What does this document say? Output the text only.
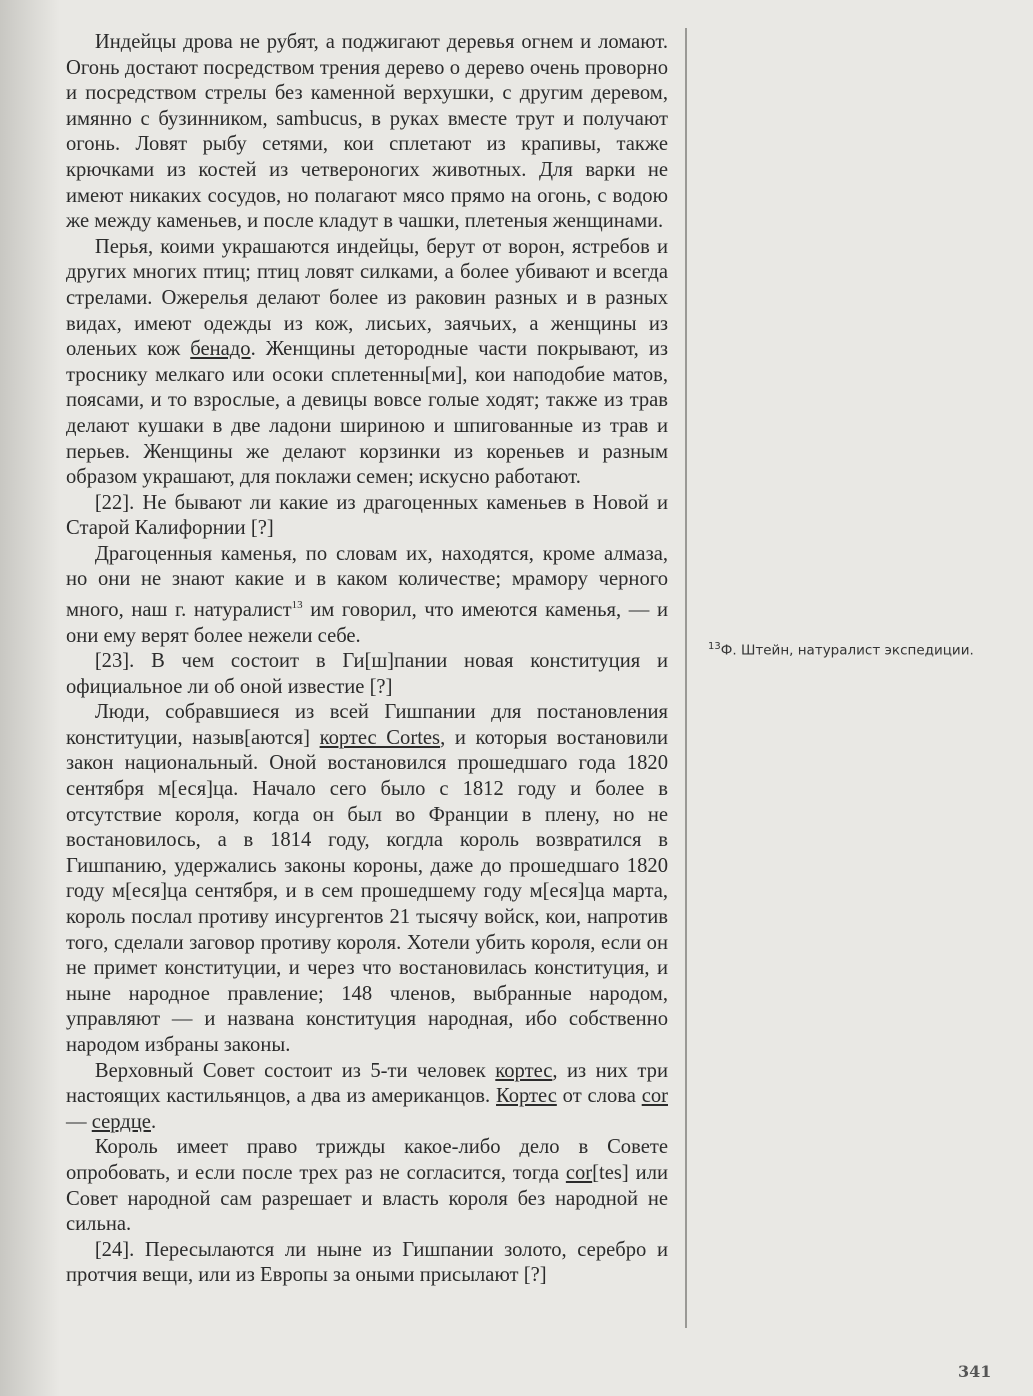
Индейцы дрова не рубят, а поджигают деревья огнем и ломают. Огонь достают посредством трения дерево о дерево очень проворно и посредством стрелы без каменной верхушки, с другим деревом, имянно с бузинником, sambucus, в руках вместе трут и получают огонь. Ловят рыбу сетями, кои сплетают из крапивы, также крючками из костей из четвероногих животных. Для варки не имеют никаких сосудов, но полагают мясо прямо на огонь, с водою же между каменьев, и после кладут в чашки, плетеныя женщинами.

Перья, коими украшаются индейцы, берут от ворон, ястребов и других многих птиц; птиц ловят силками, а более убивают и всегда стрелами. Ожерелья делают более из раковин разных и в разных видах, имеют одежды из кож, лисьих, заячьих, а женщины из оленьих кож бенадо. Женщины детородные части покрывают, из троснику мелкаго или осоки сплетенны[ми], кои наподобие матов, поясами, и то взрослые, а девицы вовсе голые ходят; также из трав делают кушаки в две ладони шириною и шпигованные из трав и перьев. Женщины же делают корзинки из кореньев и разным образом украшают, для поклажи семен; искусно работают.

[22]. Не бывают ли какие из драгоценных каменьев в Новой и Старой Калифорнии [?]

Драгоценныя каменья, по словам их, находятся, кроме алмаза, но они не знают какие и в каком количестве; мрамору черного много, наш г. натуралист$^{13}$ им говорил, что имеются каменья, — и они ему верят более нежели себе.

[23]. В чем состоит в Ги[ш]пании новая конституция и официальное ли об оной известие [?]

Люди, собравшиеся из всей Гишпании для постановления конституции, назыв[аются] кортес Cortes, и которыя востановили закон национальный. Оной востановился прошедшаго года 1820 сентября м[еся]ца. Начало сего было с 1812 году и более в отсутствие короля, когда он был во Франции в плену, но не востановилось, а в 1814 году, когдла король возвратился в Гишпанию, удержались законы короны, даже до прошедшаго 1820 году м[еся]ца сентября, и в сем прошедшему году м[еся]ца марта, король послал противу инсургентов 21 тысячу войск, кои, напротив того, сделали заговор противу короля. Хотели убить короля, если он не примет конституции, и через что востановилась конституция, и ныне народное правление; 148 членов, выбранные народом, управляют — и названа конституция народная, ибо собственно народом избраны законы.

Верховный Совет состоит из 5-ти человек кортес, из них три настоящих кастильянцов, а два из американцов. Кортес от слова cor — сердце.

Король имеет право трижды какое-либо дело в Совете опробовать, и если после трех раз не согласится, тогда cor[tes] или Совет народной сам разрешает и власть короля без народной не сильна.

[24]. Пересылаются ли ныне из Гишпании золото, серебро и протчия вещи, или из Европы за оными присылают [?]

$^{13}$Ф. Штейн, натуралист экспедиции.
341
